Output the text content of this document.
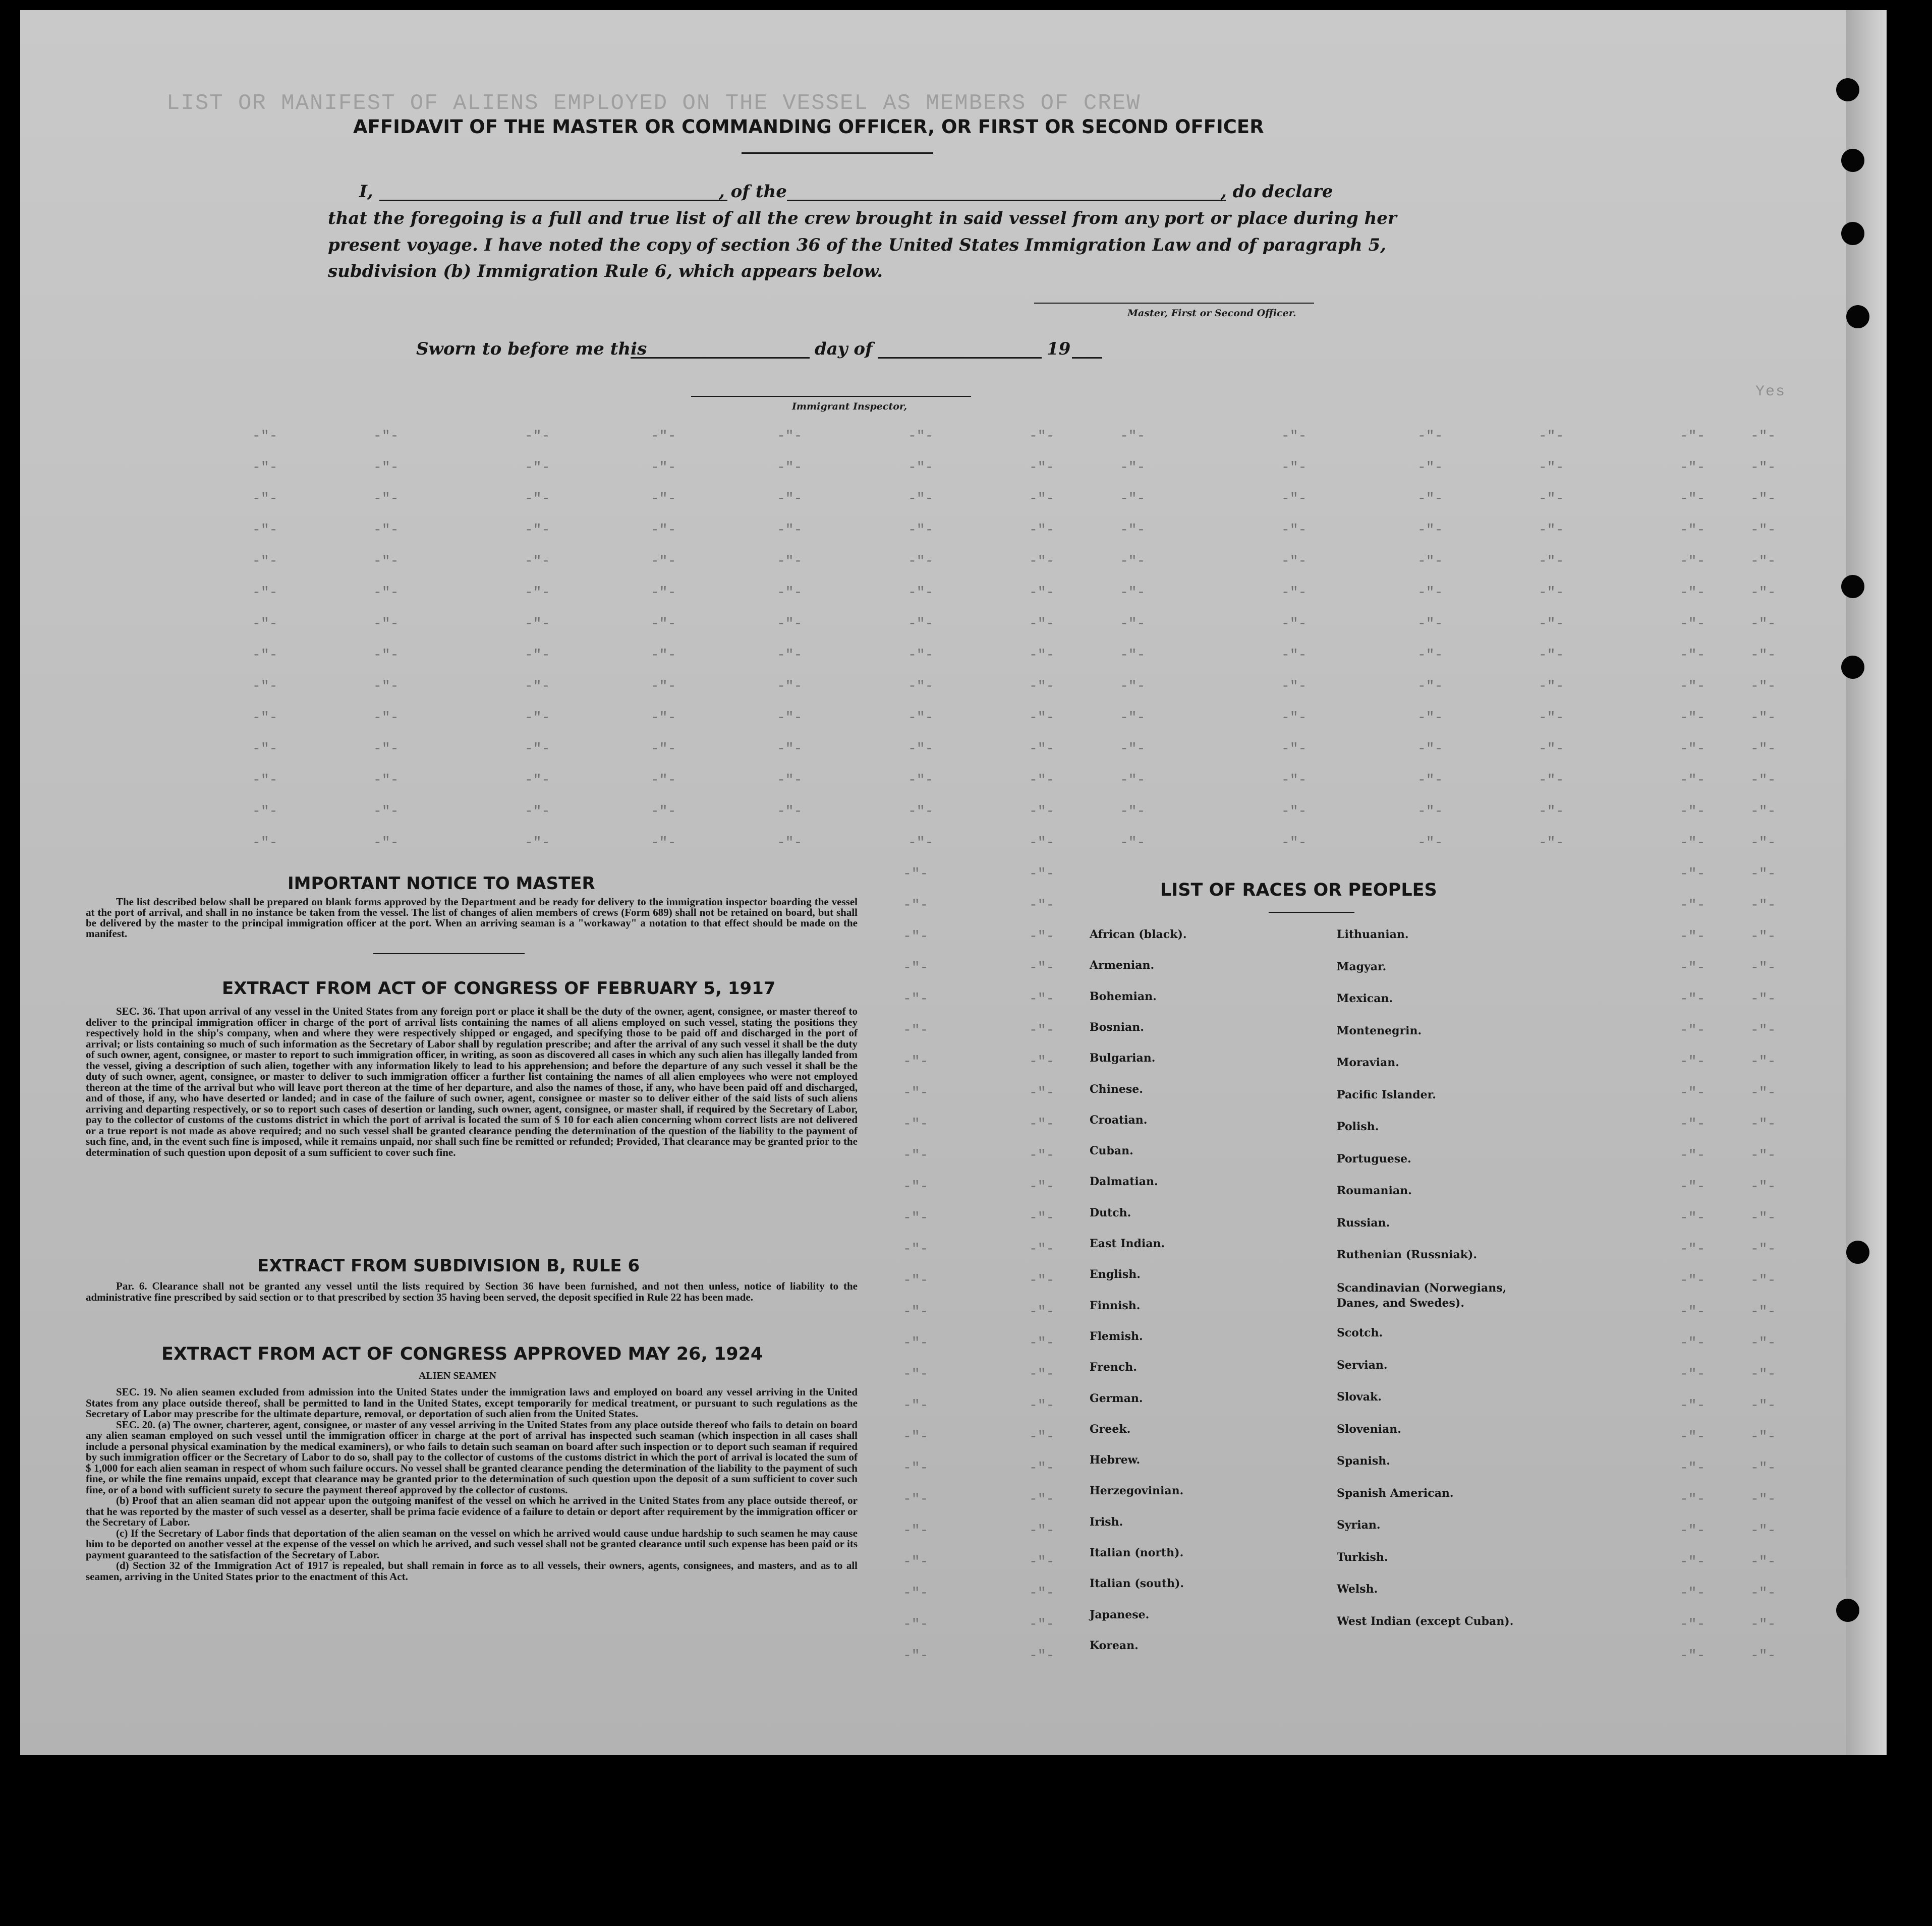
LIST OR MANIFEST OF ALIENS EMPLOYED ON THE VESSEL AS MEMBERS OF CREW
Yes
-"-	-"-	-"-	-"-	-"-	-"-	-"-	-"-	-"-	-"-	-"-	-"-	-"-
-"-	-"-	-"-	-"-	-"-	-"-	-"-	-"-	-"-	-"-	-"-	-"-	-"-
-"-	-"-	-"-	-"-	-"-	-"-	-"-	-"-	-"-	-"-	-"-	-"-	-"-
-"-	-"-	-"-	-"-	-"-	-"-	-"-	-"-	-"-	-"-	-"-	-"-	-"-
-"-	-"-	-"-	-"-	-"-	-"-	-"-	-"-	-"-	-"-	-"-	-"-	-"-
-"-	-"-	-"-	-"-	-"-	-"-	-"-	-"-	-"-	-"-	-"-	-"-	-"-
-"-	-"-	-"-	-"-	-"-	-"-	-"-	-"-	-"-	-"-	-"-	-"-	-"-
-"-	-"-	-"-	-"-	-"-	-"-	-"-	-"-	-"-	-"-	-"-	-"-	-"-
-"-	-"-	-"-	-"-	-"-	-"-	-"-	-"-	-"-	-"-	-"-	-"-	-"-
-"-	-"-	-"-	-"-	-"-	-"-	-"-	-"-	-"-	-"-	-"-	-"-	-"-
-"-	-"-	-"-	-"-	-"-	-"-	-"-	-"-	-"-	-"-	-"-	-"-	-"-
-"-	-"-	-"-	-"-	-"-	-"-	-"-	-"-	-"-	-"-	-"-	-"-	-"-
-"-	-"-	-"-	-"-	-"-	-"-	-"-	-"-	-"-	-"-	-"-	-"-	-"-
-"-	-"-	-"-	-"-	-"-	-"-	-"-	-"-	-"-	-"-	-"-	-"-	-"-
-"-	-"-	-"-	-"-
-"-	-"-	-"-	-"-
-"-	-"-	-"-	-"-
-"-	-"-	-"-	-"-
-"-	-"-	-"-	-"-
-"-	-"-	-"-	-"-
-"-	-"-	-"-	-"-
-"-	-"-	-"-	-"-
-"-	-"-	-"-	-"-
-"-	-"-	-"-	-"-
-"-	-"-	-"-	-"-
-"-	-"-	-"-	-"-
-"-	-"-	-"-	-"-
-"-	-"-	-"-	-"-
-"-	-"-	-"-	-"-
-"-	-"-	-"-	-"-
-"-	-"-	-"-	-"-
-"-	-"-	-"-	-"-
-"-	-"-	-"-	-"-
-"-	-"-	-"-	-"-
-"-	-"-	-"-	-"-
-"-	-"-	-"-	-"-
-"-	-"-	-"-	-"-
-"-	-"-	-"-	-"-
-"-	-"-	-"-	-"-
-"-	-"-	-"-	-"-
AFFIDAVIT OF THE MASTER OR COMMANDING OFFICER, OR FIRST OR SECOND OFFICER
I,	, of the	, do declare
that the foregoing is a full and true list of all the crew brought in said vessel from any port or place during her
present voyage. I have noted the copy of section 36 of the United States Immigration Law and of paragraph 5,
subdivision (b) Immigration Rule 6, which appears below.
Master, First or Second Officer.
Sworn to before me this	day of	19
Immigrant Inspector,
IMPORTANT NOTICE TO MASTER
The list described below shall be prepared on blank forms approved by the Department and be ready for delivery to the immigration inspector boarding the vessel at the port of arrival, and shall in no instance be taken from the vessel. The list of changes of alien members of crews (Form 689) shall not be retained on board, but shall be delivered by the master to the principal immigration officer at the port. When an arriving seaman is a "workaway" a notation to that effect should be made on the manifest.
EXTRACT FROM ACT OF CONGRESS OF FEBRUARY 5, 1917
SEC. 36. That upon arrival of any vessel in the United States from any foreign port or place it shall be the duty of the owner, agent, consignee, or master thereof to deliver to the principal immigration officer in charge of the port of arrival lists containing the names of all aliens employed on such vessel, stating the positions they respectively hold in the ship's company, when and where they were respectively shipped or engaged, and specifying those to be paid off and discharged in the port of arrival; or lists containing so much of such information as the Secretary of Labor shall by regulation prescribe; and after the arrival of any such vessel it shall be the duty of such owner, agent, consignee, or master to report to such immigration officer, in writing, as soon as discovered all cases in which any such alien has illegally landed from the vessel, giving a description of such alien, together with any information likely to lead to his apprehension; and before the departure of any such vessel it shall be the duty of such owner, agent, consignee, or master to deliver to such immigration officer a further list containing the names of all alien employees who were not employed thereon at the time of the arrival but who will leave port thereon at the time of her departure, and also the names of those, if any, who have been paid off and discharged, and of those, if any, who have deserted or landed; and in case of the failure of such owner, agent, consignee or master so to deliver either of the said lists of such aliens arriving and departing respectively, or so to report such cases of desertion or landing, such owner, agent, consignee, or master shall, if required by the Secretary of Labor, pay to the collector of customs of the customs district in which the port of arrival is located the sum of $ 10 for each alien concerning whom correct lists are not delivered or a true report is not made as above required; and no such vessel shall be granted clearance pending the determination of the question of the liability to the payment of such fine, and, in the event such fine is imposed, while it remains unpaid, nor shall such fine be remitted or refunded; Provided, That clearance may be granted prior to the determination of such question upon deposit of a sum sufficient to cover such fine.
EXTRACT FROM SUBDIVISION B, RULE 6
Par. 6. Clearance shall not be granted any vessel until the lists required by Section 36 have been furnished, and not then unless, notice of liability to the administrative fine prescribed by said section or to that prescribed by section 35 having been served, the deposit specified in Rule 22 has been made.
EXTRACT FROM ACT OF CONGRESS APPROVED MAY 26, 1924
ALIEN SEAMEN

SEC. 19. No alien seamen excluded from admission into the United States under the immigration laws and employed on board any vessel arriving in the United States from any place outside thereof, shall be permitted to land in the United States, except temporarily for medical treatment, or pursuant to such regulations as the Secretary of Labor may prescribe for the ultimate departure, removal, or deportation of such alien from the United States.

SEC. 20. (a) The owner, charterer, agent, consignee, or master of any vessel arriving in the United States from any place outside thereof who fails to detain on board any alien seaman employed on such vessel until the immigration officer in charge at the port of arrival has inspected such seaman (which inspection in all cases shall include a personal physical examination by the medical examiners), or who fails to detain such seaman on board after such inspection or to deport such seaman if required by such immigration officer or the Secretary of Labor to do so, shall pay to the collector of customs of the customs district in which the port of arrival is located the sum of $ 1,000 for each alien seaman in respect of whom such failure occurs. No vessel shall be granted clearance pending the determination of the liability to the payment of such fine, or while the fine remains unpaid, except that clearance may be granted prior to the determination of such question upon the deposit of a sum sufficient to cover such fine, or of a bond with sufficient surety to secure the payment thereof approved by the collector of customs.

(b) Proof that an alien seaman did not appear upon the outgoing manifest of the vessel on which he arrived in the United States from any place outside thereof, or that he was reported by the master of such vessel as a deserter, shall be prima facie evidence of a failure to detain or deport after requirement by the immigration officer or the Secretary of Labor.

(c) If the Secretary of Labor finds that deportation of the alien seaman on the vessel on which he arrived would cause undue hardship to such seamen he may cause him to be deported on another vessel at the expense of the vessel on which he arrived, and such vessel shall not be granted clearance until such expense has been paid or its payment guaranteed to the satisfaction of the Secretary of Labor.

(d) Section 32 of the Immigration Act of 1917 is repealed, but shall remain in force as to all vessels, their owners, agents, consignees, and masters, and as to all seamen, arriving in the United States prior to the enactment of this Act.

LIST OF RACES OR PEOPLES
African (black).
Armenian.
Bohemian.
Bosnian.
Bulgarian.
Chinese.
Croatian.
Cuban.
Dalmatian.
Dutch.
East Indian.
English.
Finnish.
Flemish.
French.
German.
Greek.
Hebrew.
Herzegovinian.
Irish.
Italian (north).
Italian (south).
Japanese.
Korean.
Lithuanian.
Magyar.
Mexican.
Montenegrin.
Moravian.
Pacific Islander.
Polish.
Portuguese.
Roumanian.
Russian.
Ruthenian (Russniak).
Scandinavian (Norwegians, Danes, and Swedes).
Scotch.
Servian.
Slovak.
Slovenian.
Spanish.
Spanish American.
Syrian.
Turkish.
Welsh.
West Indian (except Cuban).
